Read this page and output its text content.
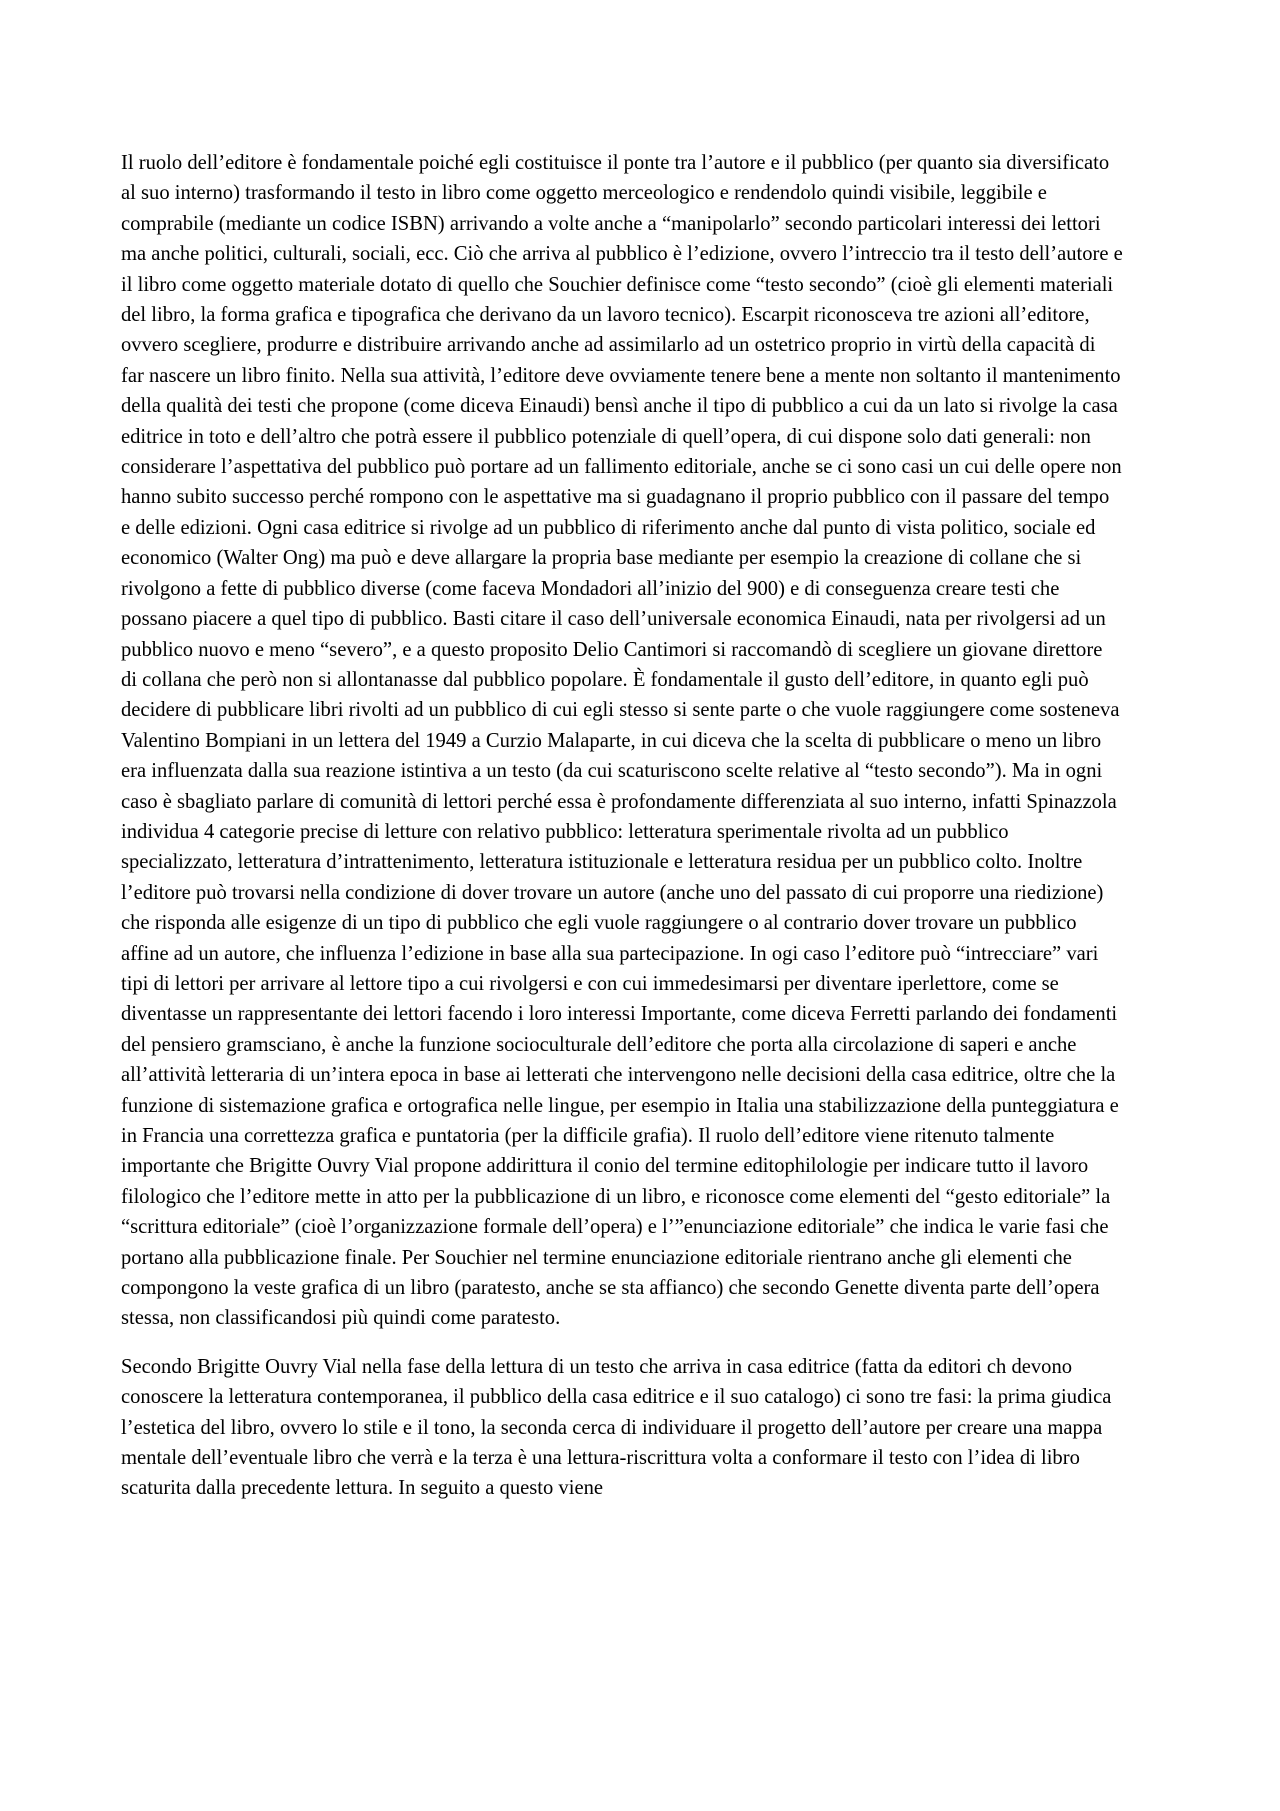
Il ruolo dell’editore è fondamentale poiché egli costituisce il ponte tra l’autore e il pubblico (per quanto sia diversificato al suo interno) trasformando il testo in libro come oggetto merceologico e rendendolo quindi visibile, leggibile e comprabile (mediante un codice ISBN) arrivando a volte anche a “manipolarlo” secondo particolari interessi dei lettori ma anche politici, culturali, sociali, ecc. Ciò che arriva al pubblico è l’edizione, ovvero l’intreccio tra il testo dell’autore e il libro come oggetto materiale dotato di quello che Souchier definisce come “testo secondo” (cioè gli elementi materiali del libro, la forma grafica e tipografica che derivano da un lavoro tecnico). Escarpit riconosceva tre azioni all’editore, ovvero scegliere, produrre e distribuire arrivando anche ad assimilarlo ad un ostetrico proprio in virtù della capacità di far nascere un libro finito. Nella sua attività, l’editore deve ovviamente tenere bene a mente non soltanto il mantenimento della qualità dei testi che propone (come diceva Einaudi) bensì anche il tipo di pubblico a cui da un lato si rivolge la casa editrice in toto e dell’altro che potrà essere il pubblico potenziale di quell’opera, di cui dispone solo dati generali: non considerare l’aspettativa del pubblico può portare ad un fallimento editoriale, anche se ci sono casi un cui delle opere non hanno subito successo perché rompono con le aspettative ma si guadagnano il proprio pubblico con il passare del tempo e delle edizioni. Ogni casa editrice si rivolge ad un pubblico di riferimento anche dal punto di vista politico, sociale ed economico (Walter Ong) ma può e deve allargare la propria base mediante per esempio la creazione di collane che si rivolgono a fette di pubblico diverse (come faceva Mondadori all’inizio del 900) e di conseguenza creare testi che possano piacere a quel tipo di pubblico. Basti citare il caso dell’universale economica Einaudi, nata per rivolgersi ad un pubblico nuovo e meno “severo”, e a questo proposito Delio Cantimori si raccomandò di scegliere un giovane direttore di collana che però non si allontanasse dal pubblico popolare. È fondamentale il gusto dell’editore, in quanto egli può decidere di pubblicare libri rivolti ad un pubblico di cui egli stesso si sente parte o che vuole raggiungere come sosteneva Valentino Bompiani in un lettera del 1949 a Curzio Malaparte, in cui diceva che la scelta di pubblicare o meno un libro era influenzata dalla sua reazione istintiva a un testo (da cui scaturiscono scelte relative al “testo secondo”). Ma in ogni caso è sbagliato parlare di comunità di lettori perché essa è profondamente differenziata al suo interno, infatti Spinazzola individua 4 categorie precise di letture con relativo pubblico: letteratura sperimentale rivolta ad un pubblico specializzato, letteratura d’intrattenimento, letteratura istituzionale e letteratura residua per un pubblico colto. Inoltre l’editore può trovarsi nella condizione di dover trovare un autore (anche uno del passato di cui proporre una riedizione) che risponda alle esigenze di un tipo di pubblico che egli vuole raggiungere o al contrario dover trovare un pubblico affine ad un autore, che influenza l’edizione in base alla sua partecipazione. In ogi caso l’editore può “intrecciare” vari tipi di lettori per arrivare al lettore tipo a cui rivolgersi e con cui immedesimarsi per diventare iperlettore, come se diventasse un rappresentante dei lettori facendo i loro interessi Importante, come diceva Ferretti parlando dei fondamenti del pensiero gramsciano, è anche la funzione socioculturale dell’editore che porta alla circolazione di saperi e anche all’attività letteraria di un’intera epoca in base ai letterati che intervengono nelle decisioni della casa editrice, oltre che la funzione di sistemazione grafica e ortografica nelle lingue, per esempio in Italia una stabilizzazione della punteggiatura e in Francia una correttezza grafica e puntatoria (per la difficile grafia). Il ruolo dell’editore viene ritenuto talmente importante che Brigitte Ouvry Vial propone addirittura il conio del termine editophilologie per indicare tutto il lavoro filologico che l’editore mette in atto per la pubblicazione di un libro, e riconosce come elementi del “gesto editoriale” la “scrittura editoriale” (cioè l’organizzazione formale dell’opera) e l’”enunciazione editoriale” che indica le varie fasi che portano alla pubblicazione finale. Per Souchier nel termine enunciazione editoriale rientrano anche gli elementi che compongono la veste grafica di un libro (paratesto, anche se sta affianco) che secondo Genette diventa parte dell’opera stessa, non classificandosi più quindi come paratesto.

Secondo Brigitte Ouvry Vial nella fase della lettura di un testo che arriva in casa editrice (fatta da editori ch devono conoscere la letteratura contemporanea, il pubblico della casa editrice e il suo catalogo) ci sono tre fasi: la prima giudica l’estetica del libro, ovvero lo stile e il tono, la seconda cerca di individuare il progetto dell’autore per creare una mappa mentale dell’eventuale libro che verrà e la terza è una lettura-riscrittura volta a conformare il testo con l’idea di libro scaturita dalla precedente lettura. In seguito a questo viene
